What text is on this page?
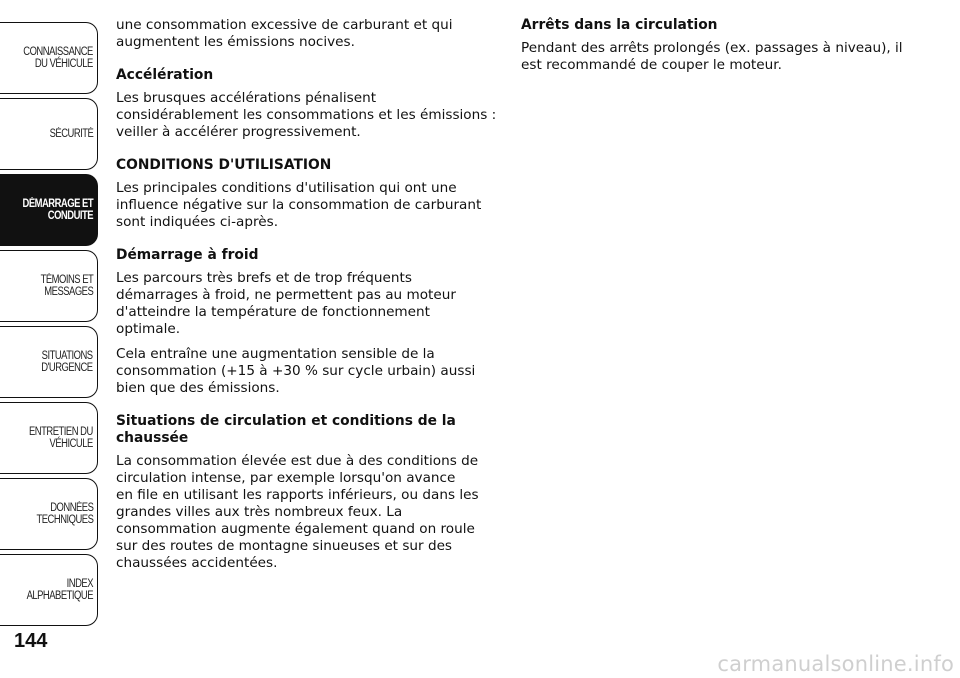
CONNAISSANCE
DU VÉHICULE
SÉCURITÉ
DÉMARRAGE ET
CONDUITE
TÉMOINS ET
MESSAGES
SITUATIONS
D'URGENCE
ENTRETIEN DU
VÉHICULE
DONNÉES
TECHNIQUES
INDEX
ALPHABETIQUE
144

une consommation excessive de carburant et qui
augmentent les émissions nocives.

Accélération

Les brusques accélérations pénalisent
considérablement les consommations et les émissions :
veiller à accélérer progressivement.

CONDITIONS D'UTILISATION

Les principales conditions d'utilisation qui ont une
influence négative sur la consommation de carburant
sont indiquées ci-après.

Démarrage à froid

Les parcours très brefs et de trop fréquents
démarrages à froid, ne permettent pas au moteur
d'atteindre la température de fonctionnement
optimale.

Cela entraîne une augmentation sensible de la
consommation (+15 à +30 % sur cycle urbain) aussi
bien que des émissions.

Situations de circulation et conditions de la
chaussée

La consommation élevée est due à des conditions de
circulation intense, par exemple lorsqu'on avance
en file en utilisant les rapports inférieurs, ou dans les
grandes villes aux très nombreux feux. La
consommation augmente également quand on roule
sur des routes de montagne sinueuses et sur des
chaussées accidentées.

Arrêts dans la circulation

Pendant des arrêts prolongés (ex. passages à niveau), il
est recommandé de couper le moteur.

carmanualsonline.info
